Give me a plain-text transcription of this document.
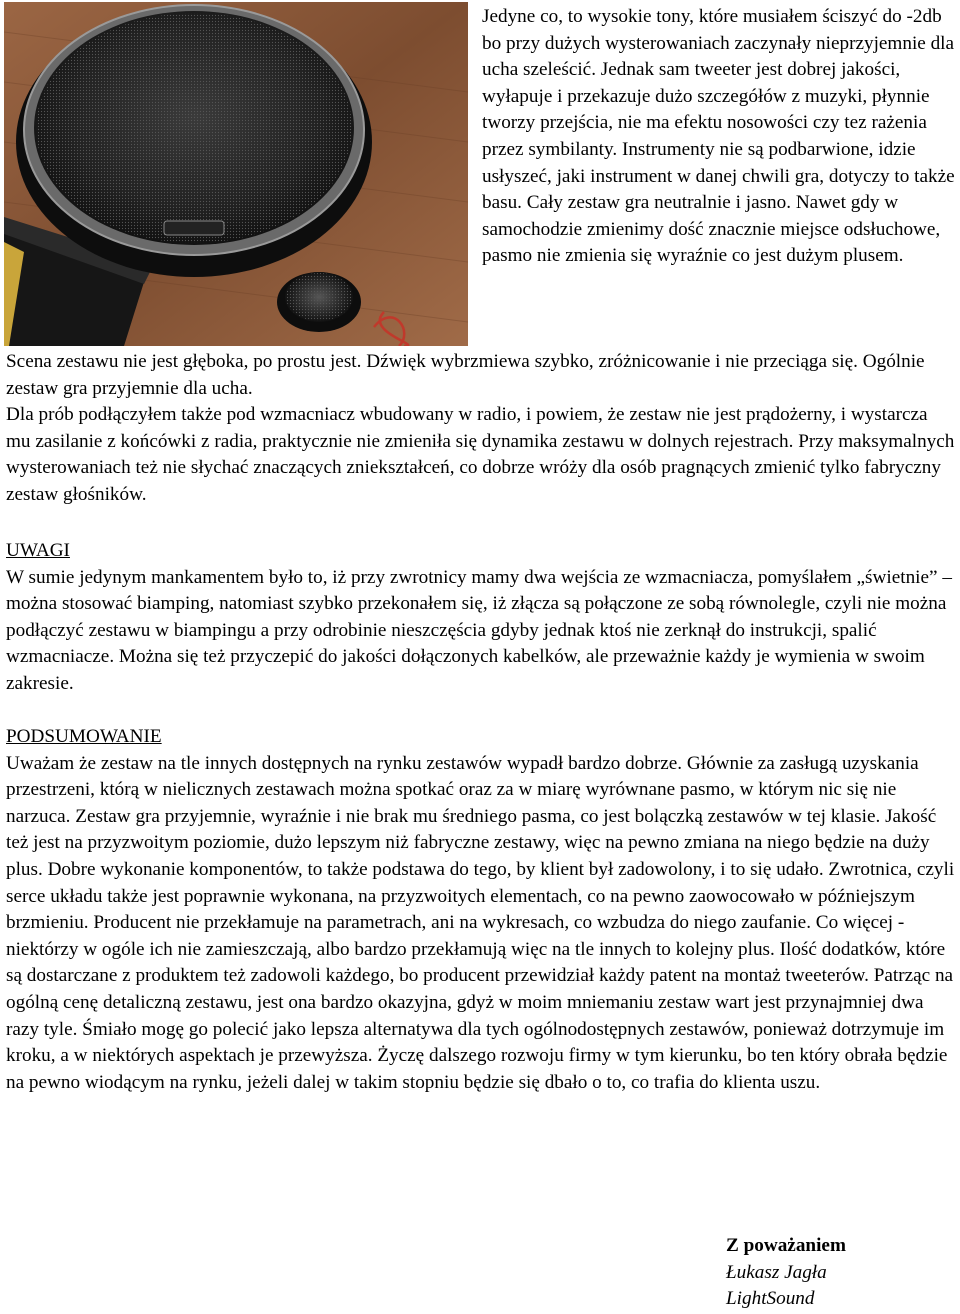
Jedyne co, to wysokie tony, które musiałem ściszyć do -2db bo przy dużych wysterowaniach zaczynały nieprzyjemnie dla ucha szeleścić. Jednak sam tweeter jest dobrej jakości, wyłapuje i przekazuje dużo szczegółów z muzyki, płynnie tworzy przejścia, nie ma efektu nosowości czy tez rażenia przez symbilanty. Instrumenty nie są podbarwione, idzie usłyszeć, jaki instrument w danej chwili gra, dotyczy to także basu. Cały zestaw gra neutralnie i jasno. Nawet gdy w samochodzie zmienimy dość znacznie miejsce odsłuchowe, pasmo nie zmienia się wyraźnie co jest dużym plusem.

Scena zestawu nie jest głęboka, po prostu jest. Dźwięk wybrzmiewa szybko, zróżnicowanie i nie przeciąga się. Ogólnie zestaw gra przyjemnie dla ucha.

Dla prób podłączyłem także pod wzmacniacz wbudowany w radio, i powiem, że zestaw nie jest prądożerny, i wystarcza mu zasilanie z końcówki z radia, praktycznie nie zmieniła się dynamika zestawu w dolnych rejestrach. Przy maksymalnych wysterowaniach też nie słychać znaczących zniekształceń, co dobrze wróży dla osób pragnących zmienić tylko fabryczny zestaw głośników.

UWAGI

W sumie jedynym mankamentem było to, iż przy zwrotnicy mamy dwa wejścia ze wzmacniacza, pomyślałem „świetnie” – można stosować biamping, natomiast szybko przekonałem się, iż złącza są połączone ze sobą równolegle, czyli nie można podłączyć zestawu w biampingu a przy odrobinie nieszczęścia gdyby jednak ktoś nie zerknął do instrukcji, spalić wzmacniacze. Można się też przyczepić do jakości dołączonych kabelków, ale przeważnie każdy je wymienia w swoim zakresie.

PODSUMOWANIE

Uważam że zestaw na tle innych dostępnych na rynku zestawów wypadł bardzo dobrze. Głównie za zasługą uzyskania przestrzeni, którą w nielicznych zestawach można spotkać oraz za w miarę wyrównane pasmo, w którym nic się nie narzuca. Zestaw gra przyjemnie, wyraźnie i nie brak mu średniego pasma, co jest bolączką zestawów w tej klasie. Jakość też jest na przyzwoitym poziomie, dużo lepszym niż fabryczne zestawy, więc na pewno zmiana na niego będzie na duży plus. Dobre wykonanie komponentów, to także podstawa do tego, by klient był zadowolony, i to się udało. Zwrotnica, czyli serce układu także jest poprawnie wykonana, na przyzwoitych elementach, co na pewno zaowocowało w późniejszym brzmieniu. Producent nie przekłamuje na parametrach, ani na wykresach, co wzbudza do niego zaufanie. Co więcej - niektórzy w ogóle ich nie zamieszczają, albo bardzo przekłamują więc na tle innych to kolejny plus. Ilość dodatków, które są dostarczane z produktem też zadowoli każdego, bo producent przewidział każdy patent na montaż tweeterów. Patrząc na ogólną cenę detaliczną zestawu, jest ona bardzo okazyjna, gdyż w moim mniemaniu zestaw wart jest przynajmniej dwa razy tyle. Śmiało mogę go polecić jako lepsza alternatywa dla tych ogólnodostępnych zestawów, ponieważ dotrzymuje im kroku, a w niektórych aspektach je przewyższa. Życzę dalszego rozwoju firmy w tym kierunku, bo ten który obrała będzie na pewno wiodącym na rynku, jeżeli dalej w takim stopniu będzie się dbało o to, co trafia do klienta uszu.

Z poważaniem

Łukasz Jagła

LightSound
